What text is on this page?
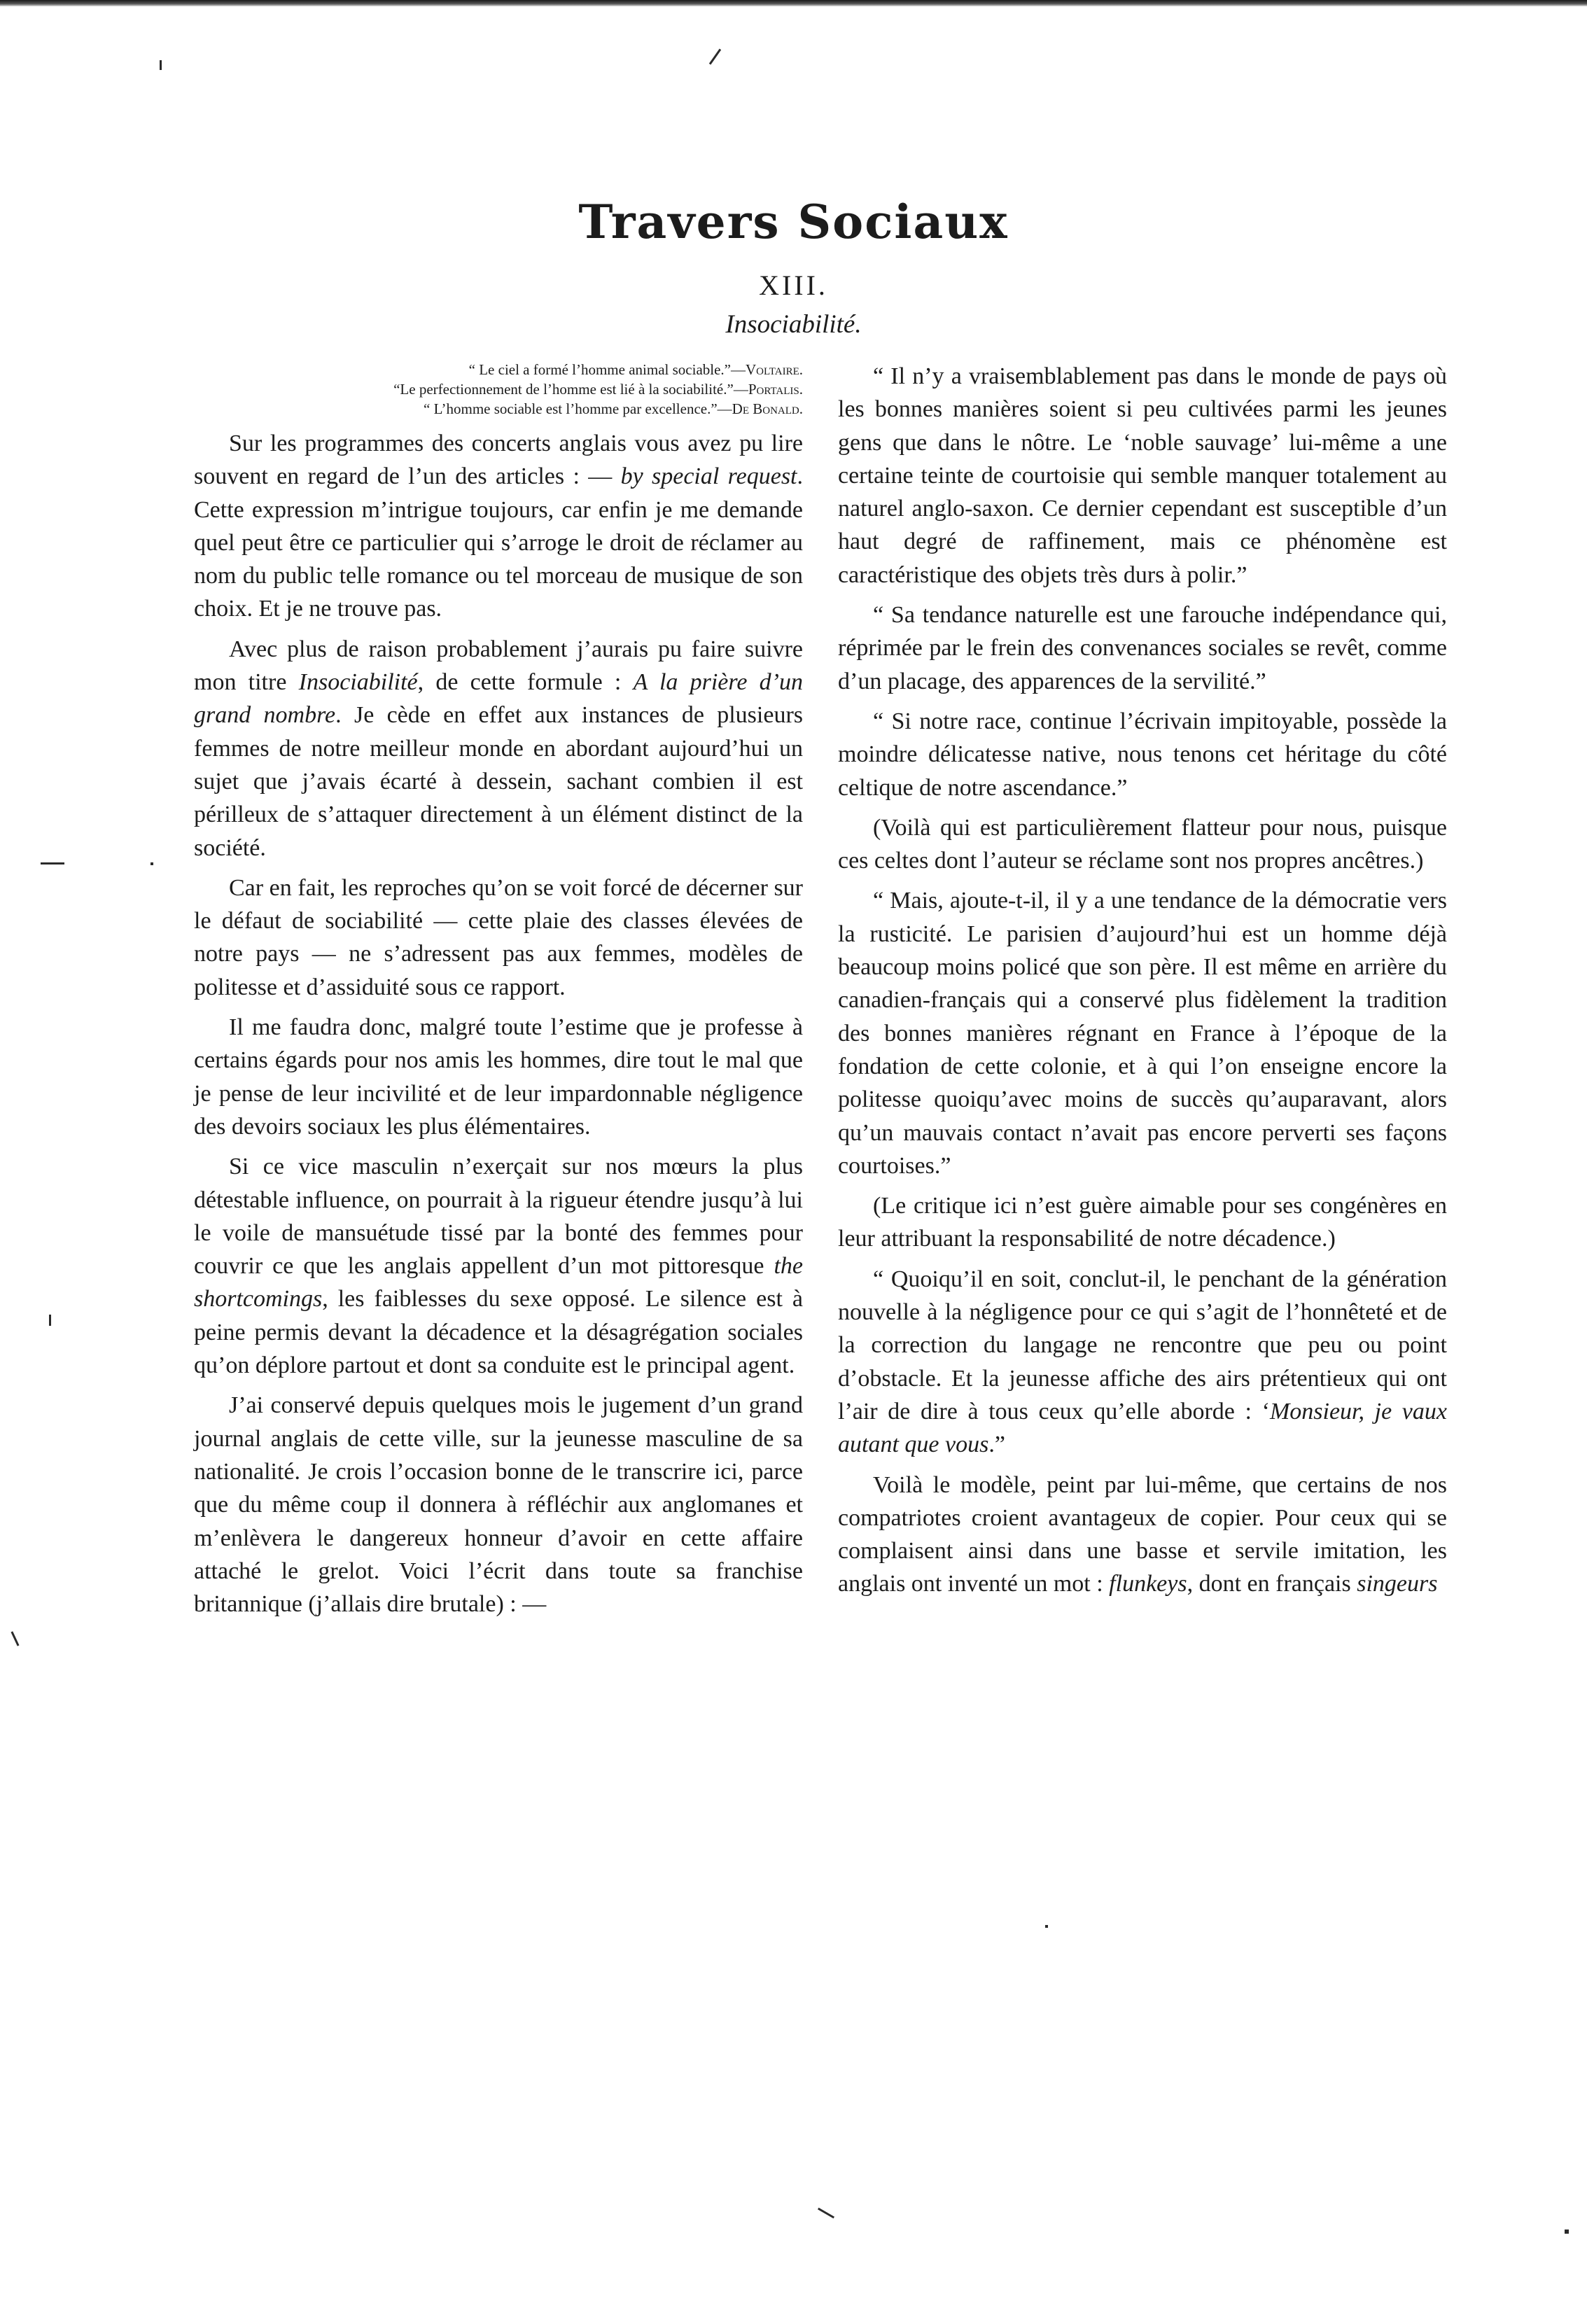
Travers Sociaux
XIII.
Insociabilité.
“ Le ciel a formé l’homme animal sociable.”—Voltaire.
“Le perfectionnement de l’homme est lié à la sociabilité.”—Portalis.
“ L’homme sociable est l’homme par excellence.”—De Bonald.

Sur les programmes des concerts anglais vous avez pu lire souvent en regard de l’un des articles : — by special request. Cette expression m’intrigue toujours, car enfin je me demande quel peut être ce particulier qui s’arroge le droit de réclamer au nom du public telle romance ou tel morceau de musique de son choix. Et je ne trouve pas.

Avec plus de raison probablement j’aurais pu faire suivre mon titre Insociabilité, de cette formule : A la prière d’un grand nombre. Je cède en effet aux instances de plusieurs femmes de notre meilleur monde en abordant aujourd’hui un sujet que j’avais écarté à dessein, sachant combien il est périlleux de s’attaquer directement à un élément distinct de la société.

Car en fait, les reproches qu’on se voit forcé de décerner sur le défaut de sociabilité — cette plaie des classes élevées de notre pays — ne s’adressent pas aux femmes, modèles de politesse et d’assiduité sous ce rapport.

Il me faudra donc, malgré toute l’estime que je professe à certains égards pour nos amis les hommes, dire tout le mal que je pense de leur incivilité et de leur impardonnable négligence des devoirs sociaux les plus élémentaires.

Si ce vice masculin n’exerçait sur nos mœurs la plus détestable influence, on pourrait à la rigueur étendre jusqu’à lui le voile de mansuétude tissé par la bonté des femmes pour couvrir ce que les anglais appellent d’un mot pittoresque the shortcomings, les faiblesses du sexe opposé. Le silence est à peine permis devant la décadence et la désagrégation sociales qu’on déplore partout et dont sa conduite est le principal agent.

J’ai conservé depuis quelques mois le jugement d’un grand journal anglais de cette ville, sur la jeunesse masculine de sa nationalité. Je crois l’occasion bonne de le transcrire ici, parce que du même coup il donnera à réfléchir aux anglomanes et m’enlèvera le dangereux honneur d’avoir en cette affaire attaché le grelot. Voici l’écrit dans toute sa franchise britannique (j’allais dire brutale) : —

“ Il n’y a vraisemblablement pas dans le monde de pays où les bonnes manières soient si peu cultivées parmi les jeunes gens que dans le nôtre. Le ‘noble sauvage’ lui-même a une certaine teinte de courtoisie qui semble manquer totalement au naturel anglo-saxon. Ce dernier cependant est susceptible d’un haut degré de raffinement, mais ce phénomène est caractéristique des objets très durs à polir.”

“ Sa tendance naturelle est une farouche indépendance qui, réprimée par le frein des convenances sociales se revêt, comme d’un placage, des apparences de la servilité.”

“ Si notre race, continue l’écrivain impitoyable, possède la moindre délicatesse native, nous tenons cet héritage du côté celtique de notre ascendance.”

(Voilà qui est particulièrement flatteur pour nous, puisque ces celtes dont l’auteur se réclame sont nos propres ancêtres.)

“ Mais, ajoute-t-il, il y a une tendance de la démocratie vers la rusticité. Le parisien d’aujourd’hui est un homme déjà beaucoup moins policé que son père. Il est même en arrière du canadien-français qui a conservé plus fidèlement la tradition des bonnes manières régnant en France à l’époque de la fondation de cette colonie, et à qui l’on enseigne encore la politesse quoiqu’avec moins de succès qu’auparavant, alors qu’un mauvais contact n’avait pas encore perverti ses façons courtoises.”

(Le critique ici n’est guère aimable pour ses congénères en leur attribuant la responsabilité de notre décadence.)

“ Quoiqu’il en soit, conclut-il, le penchant de la génération nouvelle à la négligence pour ce qui s’agit de l’honnêteté et de la correction du langage ne rencontre que peu ou point d’obstacle. Et la jeunesse affiche des airs prétentieux qui ont l’air de dire à tous ceux qu’elle aborde : ‘Monsieur, je vaux autant que vous.”

Voilà le modèle, peint par lui-même, que certains de nos compatriotes croient avantageux de copier. Pour ceux qui se complaisent ainsi dans une basse et servile imitation, les anglais ont inventé un mot : flunkeys, dont en français singeurs
